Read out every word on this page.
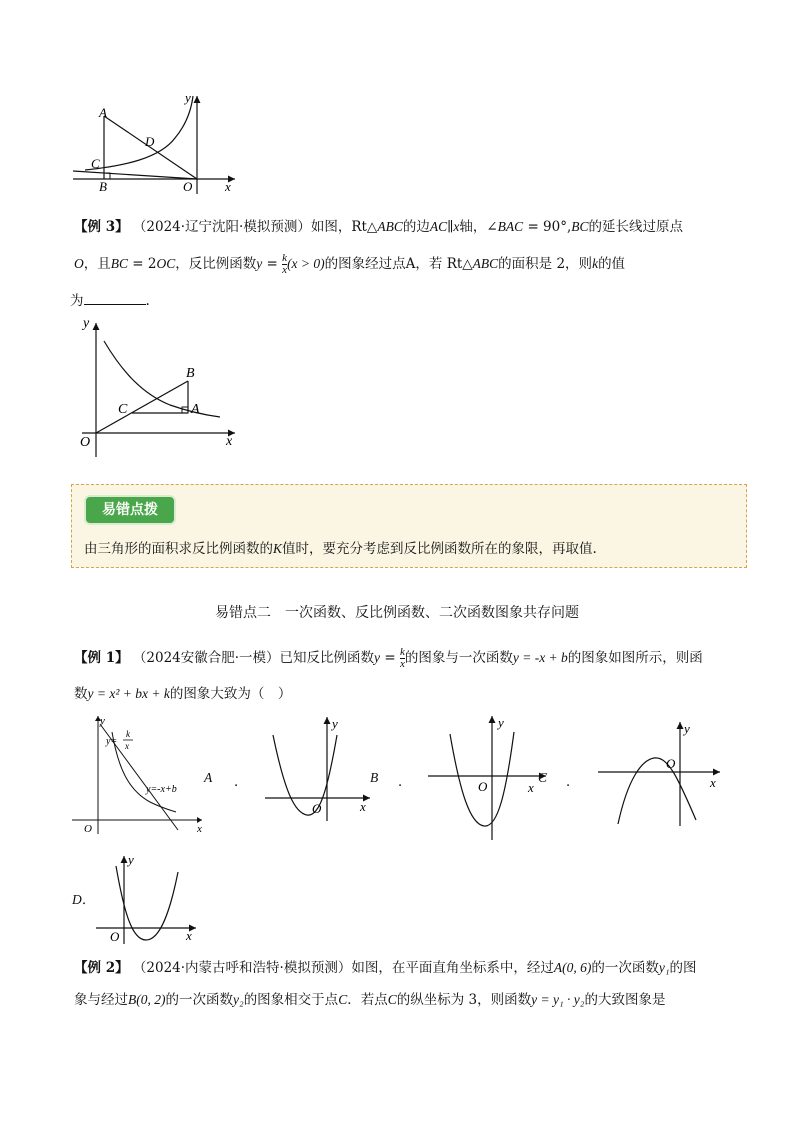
A
D
C
B	O	x
y
【例 3】 （2024·辽宁沈阳·模拟预测）如图，Rt△ABC的边AC∥x轴，∠BAC = 90°,BC的延长线过原点
O，且BC = 2OC，反比例函数$y = \frac{k}{x} (x > 0)$的图象经过点A，若 Rt△ABC的面积是 2，则k的值
为	.
B
C	A
O	x
y
易错点拨
由三角形的面积求反比例函数的K值时，要充分考虑到反比例函数所在的象限，再取值.
易错点二　一次函数、反比例函数、二次函数图象共存问题
【例 1】 （2024安徽合肥·一模）已知反比例函数$y = \frac{k}{x}$ 的图象与一次函数y = -x + b的图象如图所示，则函
数y = x² + bx + k的图象大致为（　）
y=
k
x
y=-x+b
O	x
y
A ．
O	x
y
B ．	O	x
y
C ．
O
x
y
D．
O	x
y
【例 2】 （2024·内蒙古呼和浩特·模拟预测）如图，在平面直角坐标系中，经过A(0, 6)的一次函数y₁的图
象与经过B(0, 2)的一次函数y₂的图象相交于点C．若点C的纵坐标为 3，则函数y = y₁ · y₂的大致图象是
